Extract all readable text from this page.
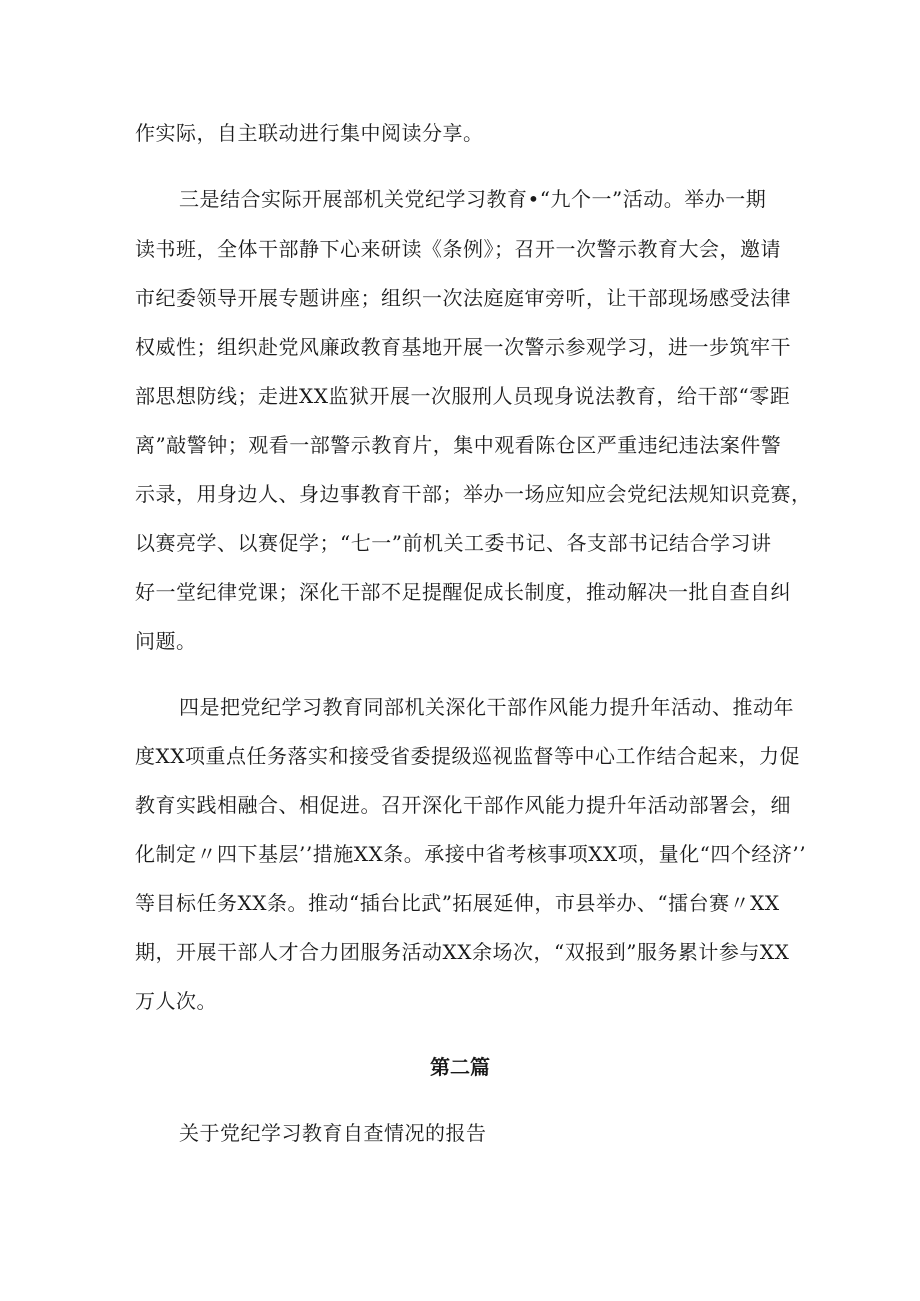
作实际，自主联动进行集中阅读分享。
三是结合实际开展部机关党纪学习教育•“九个一”活动。举办一期
读书班，全体干部静下心来研读《条例》；召开一次警示教育大会，邀请
市纪委领导开展专题讲座；组织一次法庭庭审旁听，让干部现场感受法律
权威性；组织赴党风廉政教育基地开展一次警示参观学习，进一步筑牢干
部思想防线；走进XX监狱开展一次服刑人员现身说法教育，给干部“零距
离”敲警钟；观看一部警示教育片，集中观看陈仓区严重违纪违法案件警
示录，用身边人、身边事教育干部；举办一场应知应会党纪法规知识竞赛，
以赛亮学、以赛促学；“七一”前机关工委书记、各支部书记结合学习讲
好一堂纪律党课；深化干部不足提醒促成长制度，推动解决一批自查自纠
问题。
四是把党纪学习教育同部机关深化干部作风能力提升年活动、推动年
度XX项重点任务落实和接受省委提级巡视监督等中心工作结合起来，力促
教育实践相融合、相促进。召开深化干部作风能力提升年活动部署会，细
化制定〃四下基层’’措施XX条。承接中省考核事项XX项，量化“四个经济’’
等目标任务XX条。推动“插台比武”拓展延伸，市县举办、“擂台赛〃XX
期，开展干部人才合力团服务活动XX余场次，“双报到”服务累计参与XX
万人次。
第二篇
关于党纪学习教育自查情况的报告
